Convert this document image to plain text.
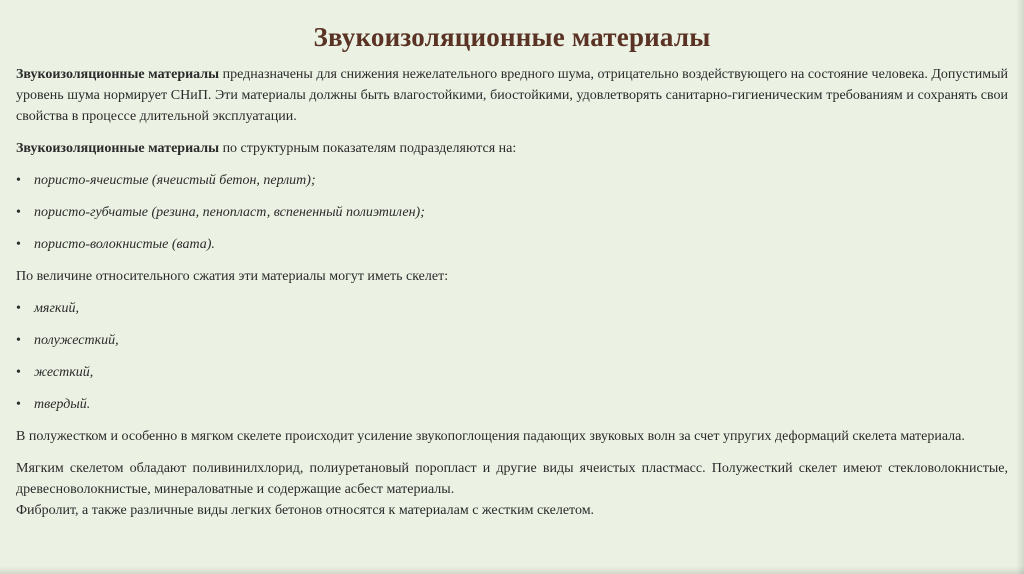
Звукоизоляционные материалы

Звукоизоляционные материалы предназначены для снижения нежелательного вредного шума, отрицательно воздействующего на состояние человека. Допустимый уровень шума нормирует СНиП. Эти материалы должны быть влагостойкими, биостойкими, удовлетворять санитарно-гигиеническим требованиям и сохранять свои свойства в процессе длительной эксплуатации.

Звукоизоляционные материалы по структурным показателям подразделяются на:

• пористо-ячеистые (ячеистый бетон, перлит);
• пористо-губчатые (резина, пенопласт, вспененный полиэтилен);
• пористо-волокнистые (вата).

По величине относительного сжатия эти материалы могут иметь скелет:

• мягкий,
• полужесткий,
• жесткий,
• твердый.

В полужестком и особенно в мягком скелете происходит усиление звукопоглощения падающих звуковых волн за счет упругих деформаций скелета материала.

Мягким скелетом обладают поливинилхлорид, полиуретановый поропласт и другие виды ячеистых пластмасс. Полужесткий скелет имеют стекловолокнистые, древесноволокнистые, минераловатные и содержащие асбест материалы.

Фибролит, а также различные виды легких бетонов относятся к материалам с жестким скелетом.
